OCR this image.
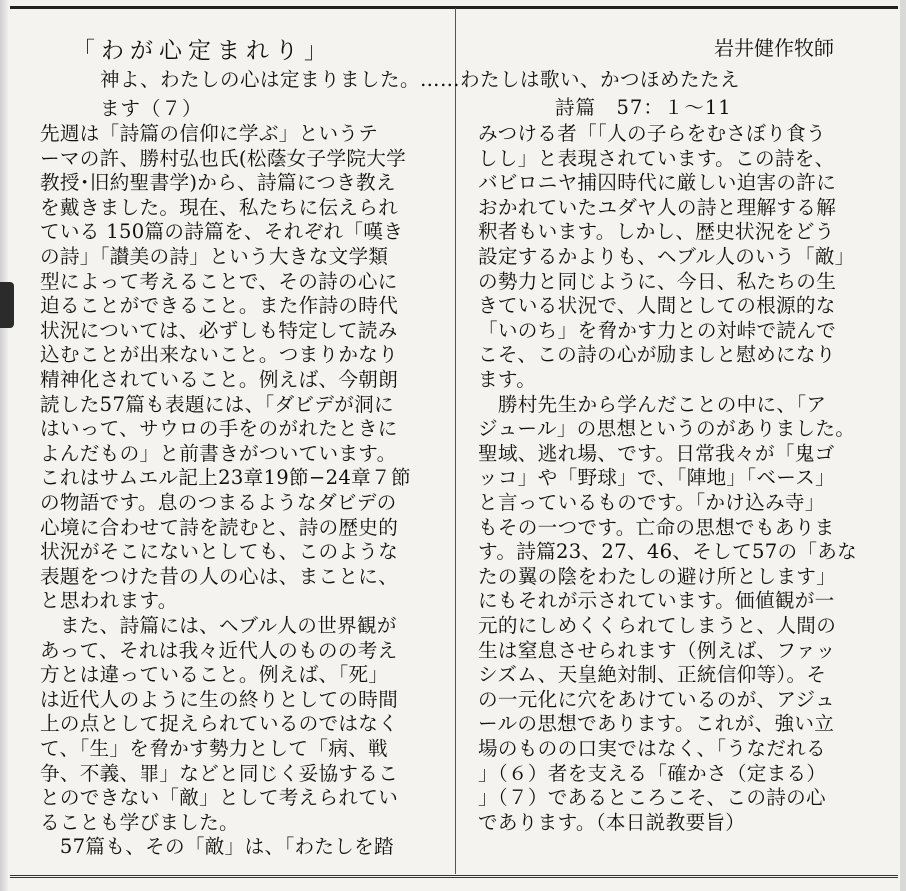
「わが心定まれり」	岩井健作牧師
神よ、わたしの心は定まりました。……わたしは歌い、かつほめたたえ
ます（７）	詩篇　57：１〜11
先週は「詩篇の信仰に学ぶ」というテ
ーマの許、勝村弘也氏(松蔭女子学院大学
教授･旧約聖書学)から、詩篇につき教え
を戴きました。現在、私たちに伝えられ
ている 150篇の詩篇を、それぞれ「嘆き
の詩」「讃美の詩」という大きな文学類
型によって考えることで、その詩の心に
迫ることができること。また作詩の時代
状況については、必ずしも特定して読み
込むことが出来ないこと。つまりかなり
精神化されていること。例えば、今朝朗
読した57篇も表題には、「ダビデが洞に
はいって、サウロの手をのがれたときに
よんだもの」と前書きがついています。
これはサムエル記上23章19節−24章７節
の物語です。息のつまるようなダビデの
心境に合わせて詩を読むと、詩の歴史的
状況がそこにないとしても、このような
表題をつけた昔の人の心は、まことに、
と思われます。
　また、詩篇には、ヘブル人の世界観が
あって、それは我々近代人のものの考え
方とは違っていること。例えば、「死」
は近代人のように生の終りとしての時間
上の点として捉えられているのではなく
て、「生」を脅かす勢力として「病、戦
争、不義、罪」などと同じく妥協するこ
とのできない「敵」として考えられてい
ることも学びました。
　57篇も、その「敵」は、「わたしを踏
みつける者「「人の子らをむさぼり食う
しし」と表現されています。この詩を、
バビロニヤ捕囚時代に厳しい迫害の許に
おかれていたユダヤ人の詩と理解する解
釈者もいます。しかし、歴史状況をどう
設定するかよりも、ヘブル人のいう「敵」
の勢力と同じように、今日、私たちの生
きている状況で、人間としての根源的な
「いのち」を脅かす力との対峠で読んで
こそ、この詩の心が励ましと慰めになり
ます。
　勝村先生から学んだことの中に、「ア
ジュール」の思想というのがありました。
聖域、逃れ場、です。日常我々が「鬼ゴ
ッコ」や「野球」で、「陣地」「ベース」
と言っているものです。「かけ込み寺」
もその一つです。亡命の思想でもありま
す。詩篇23、27、46、そして57の「あな
たの翼の陰をわたしの避け所とします」
にもそれが示されています。価値観が一
元的にしめくくられてしまうと、人間の
生は窒息させられます（例えば、ファッ
シズム、天皇絶対制、正統信仰等）。そ
の一元化に穴をあけているのが、アジュ
ールの思想であります。これが、強い立
場のものの口実ではなく、「うなだれる
」（６）者を支える「確かさ（定まる）
」（７）であるところこそ、この詩の心
であります。（本日説教要旨）
